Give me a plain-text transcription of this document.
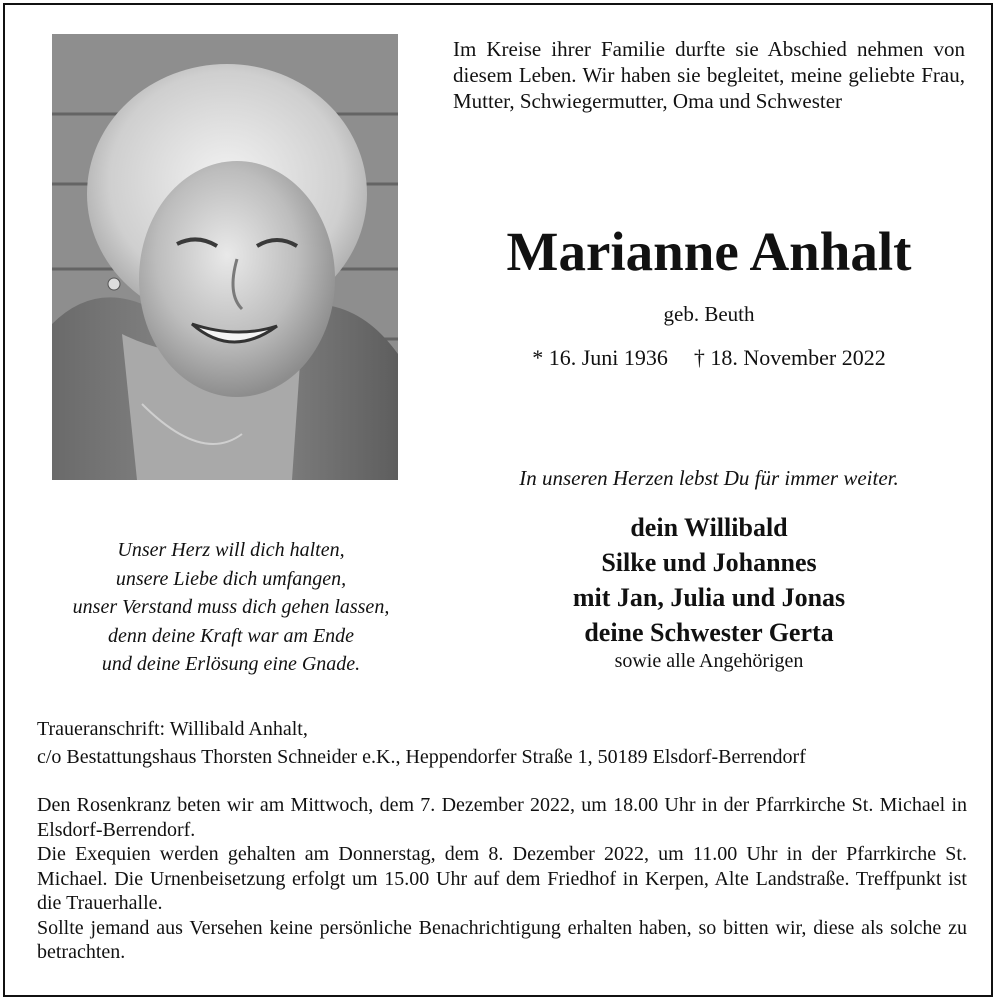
Im Kreise ihrer Familie durfte sie Abschied nehmen von diesem Leben. Wir haben sie begleitet, meine geliebte Frau, Mutter, Schwiegermutter, Oma und Schwester
Marianne Anhalt
geb. Beuth
* 16. Juni 1936 † 18. November 2022
In unseren Herzen lebst Du für immer weiter.
Unser Herz will dich halten,
unsere Liebe dich umfangen,
unser Verstand muss dich gehen lassen,
denn deine Kraft war am Ende
und deine Erlösung eine Gnade.
dein Willibald
Silke und Johannes
mit Jan, Julia und Jonas
deine Schwester Gerta
sowie alle Angehörigen
Traueranschrift: Willibald Anhalt,
c/o Bestattungshaus Thorsten Schneider e.K., Heppendorfer Straße 1, 50189 Elsdorf-Berrendorf

Den Rosenkranz beten wir am Mittwoch, dem 7. Dezember 2022, um 18.00 Uhr in der Pfarrkirche St. Michael in Elsdorf-Berrendorf.

Die Exequien werden gehalten am Donnerstag, dem 8. Dezember 2022, um 11.00 Uhr in der Pfarrkirche St. Michael. Die Urnenbeisetzung erfolgt um 15.00 Uhr auf dem Friedhof in Kerpen, Alte Landstraße. Treffpunkt ist die Trauerhalle.

Sollte jemand aus Versehen keine persönliche Benachrichtigung erhalten haben, so bitten wir, diese als solche zu betrachten.
